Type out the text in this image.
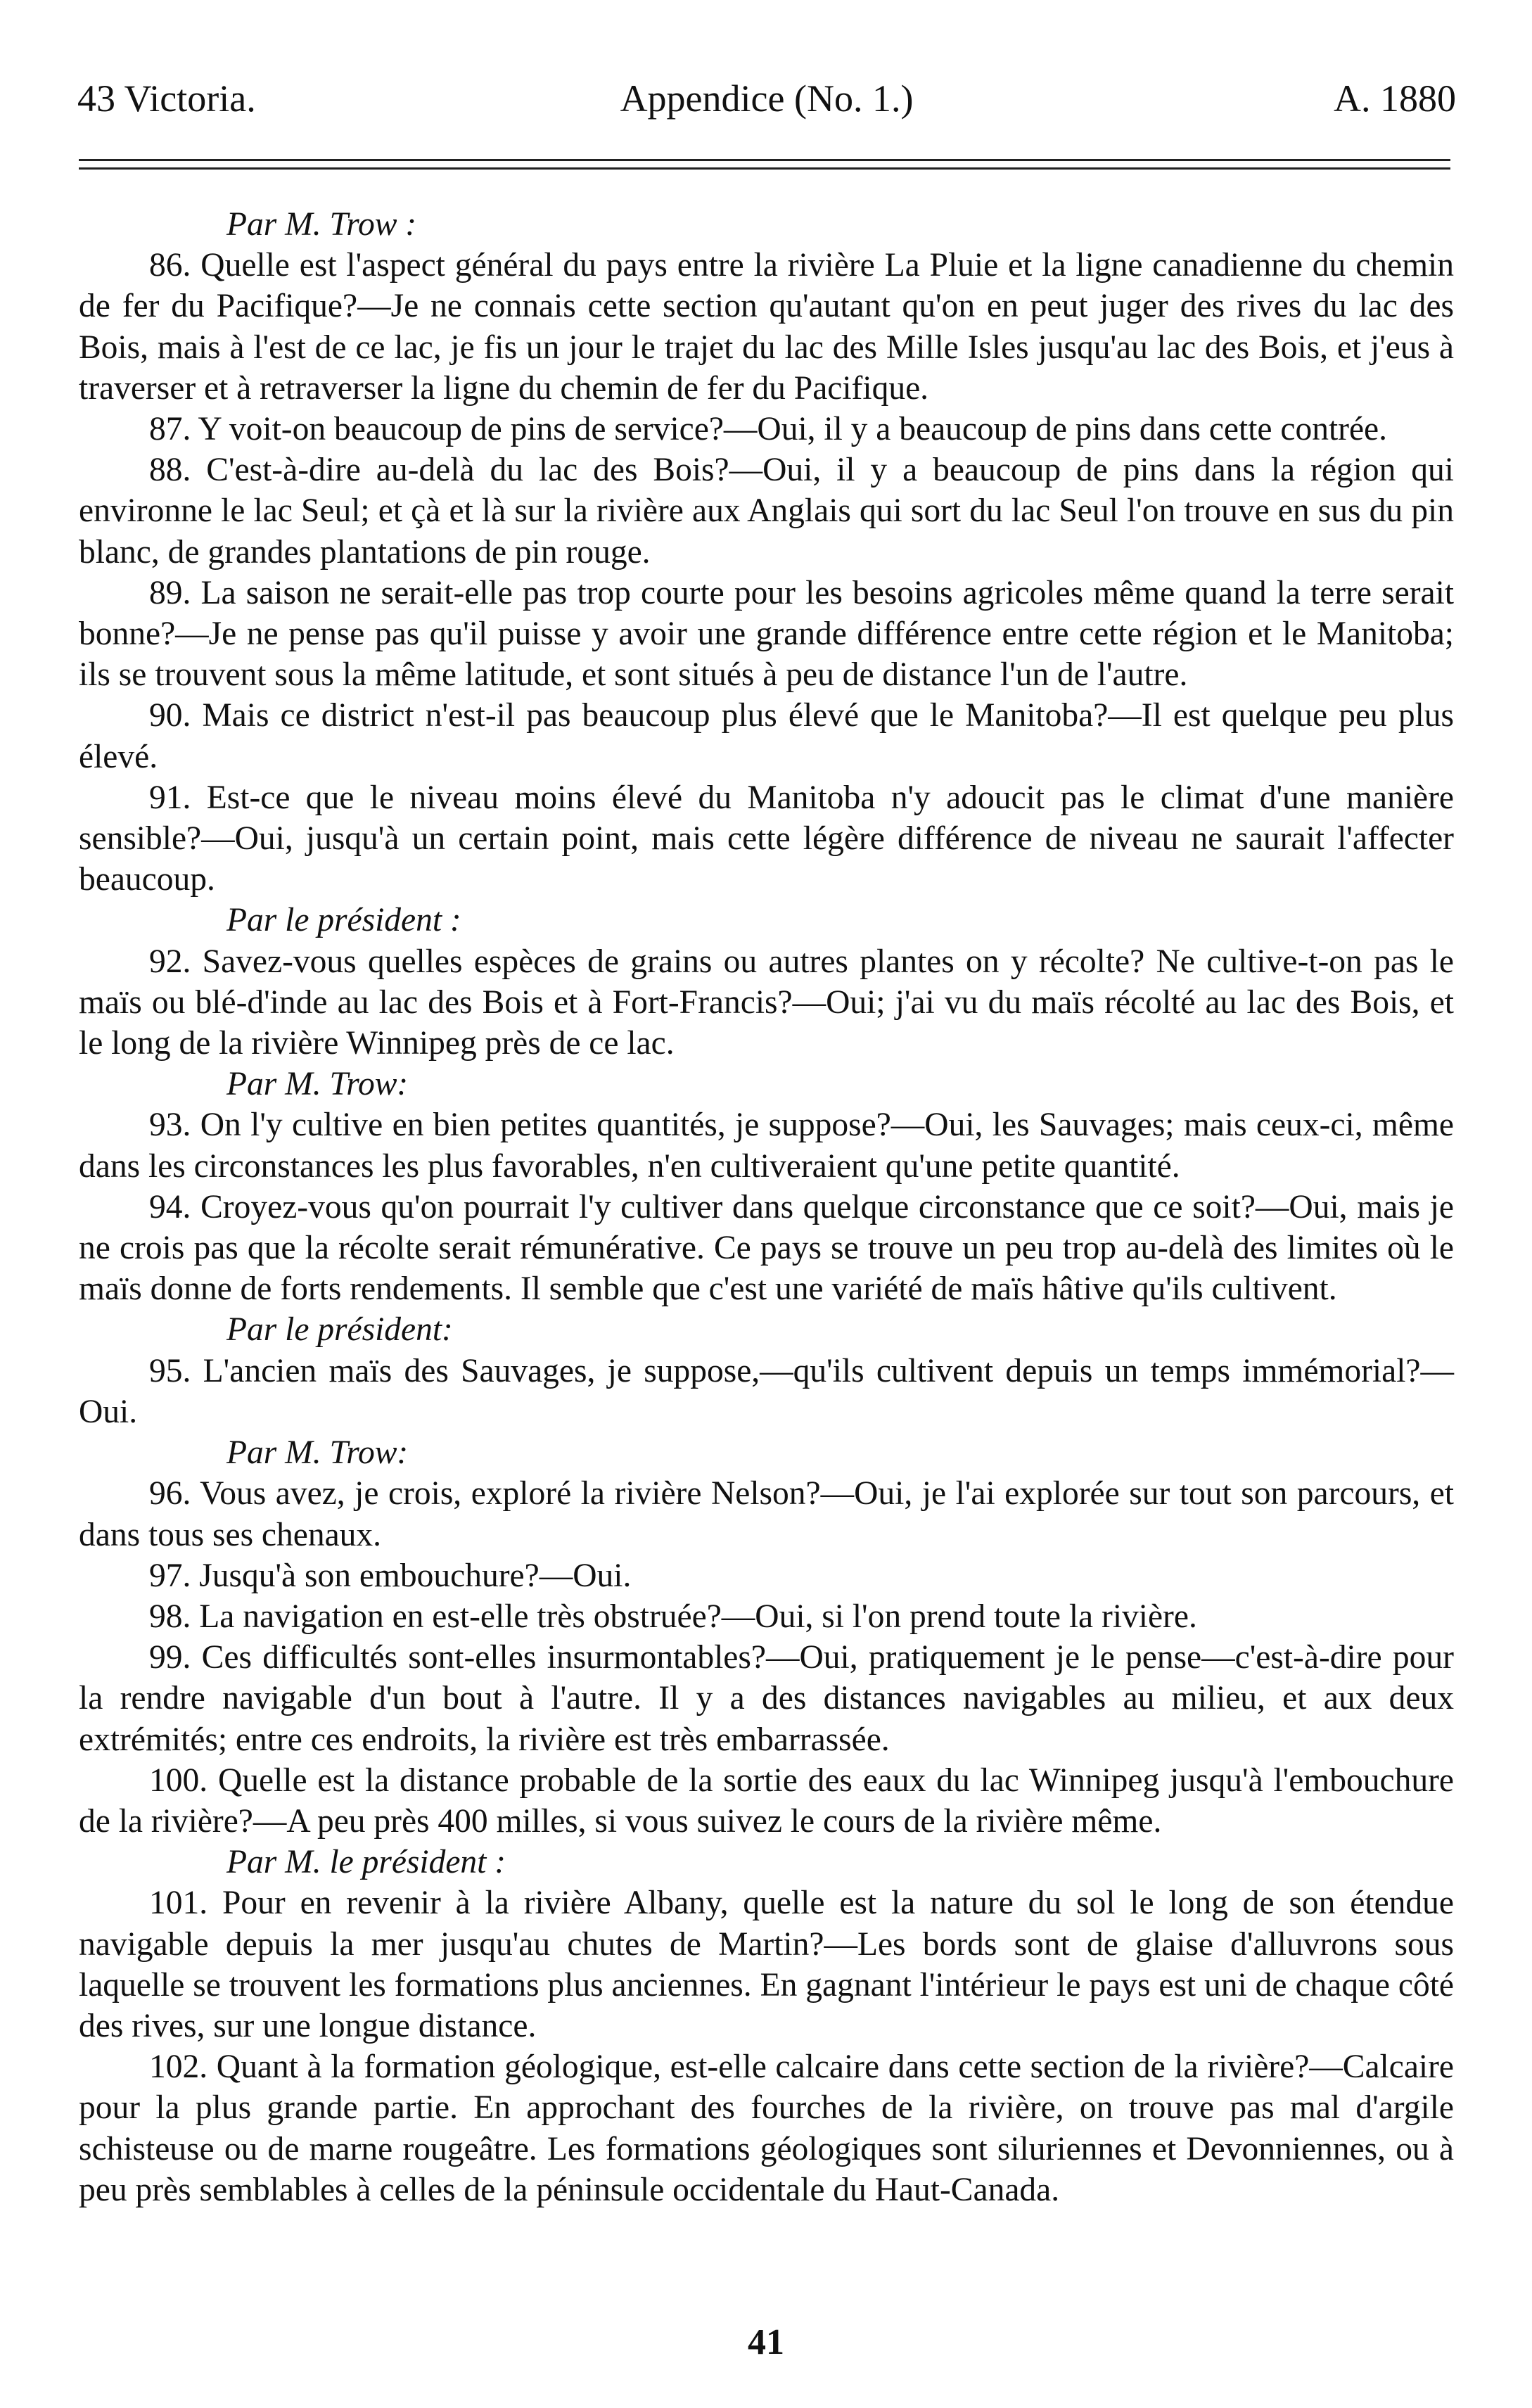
43 Victoria.	Appendice (No. 1.)	A. 1880

Par M. Trow :

86. Quelle est l'aspect général du pays entre la rivière La Pluie et la ligne canadienne du chemin de fer du Pacifique?—Je ne connais cette section qu'autant qu'on en peut juger des rives du lac des Bois, mais à l'est de ce lac, je fis un jour le trajet du lac des Mille Isles jusqu'au lac des Bois, et j'eus à traverser et à retraverser la ligne du chemin de fer du Pacifique.

87. Y voit-on beaucoup de pins de service?—Oui, il y a beaucoup de pins dans cette contrée.

88. C'est-à-dire au-delà du lac des Bois?—Oui, il y a beaucoup de pins dans la région qui environne le lac Seul; et çà et là sur la rivière aux Anglais qui sort du lac Seul l'on trouve en sus du pin blanc, de grandes plantations de pin rouge.

89. La saison ne serait-elle pas trop courte pour les besoins agricoles même quand la terre serait bonne?—Je ne pense pas qu'il puisse y avoir une grande différence entre cette région et le Manitoba; ils se trouvent sous la même latitude, et sont situés à peu de distance l'un de l'autre.

90. Mais ce district n'est-il pas beaucoup plus élevé que le Manitoba?—Il est quelque peu plus élevé.

91. Est-ce que le niveau moins élevé du Manitoba n'y adoucit pas le climat d'une manière sensible?—Oui, jusqu'à un certain point, mais cette légère différence de niveau ne saurait l'affecter beaucoup.

Par le président :

92. Savez-vous quelles espèces de grains ou autres plantes on y récolte? Ne cultive-t-on pas le maïs ou blé-d'inde au lac des Bois et à Fort-Francis?—Oui; j'ai vu du maïs récolté au lac des Bois, et le long de la rivière Winnipeg près de ce lac.

Par M. Trow:

93. On l'y cultive en bien petites quantités, je suppose?—Oui, les Sauvages; mais ceux-ci, même dans les circonstances les plus favorables, n'en cultiveraient qu'une petite quantité.

94. Croyez-vous qu'on pourrait l'y cultiver dans quelque circonstance que ce soit?—Oui, mais je ne crois pas que la récolte serait rémunérative. Ce pays se trouve un peu trop au-delà des limites où le maïs donne de forts rendements. Il semble que c'est une variété de maïs hâtive qu'ils cultivent.

Par le président:

95. L'ancien maïs des Sauvages, je suppose,—qu'ils cultivent depuis un temps immémorial?—Oui.

Par M. Trow:

96. Vous avez, je crois, exploré la rivière Nelson?—Oui, je l'ai explorée sur tout son parcours, et dans tous ses chenaux.

97. Jusqu'à son embouchure?—Oui.

98. La navigation en est-elle très obstruée?—Oui, si l'on prend toute la rivière.

99. Ces difficultés sont-elles insurmontables?—Oui, pratiquement je le pense—c'est-à-dire pour la rendre navigable d'un bout à l'autre. Il y a des distances navigables au milieu, et aux deux extrémités; entre ces endroits, la rivière est très embarrassée.

100. Quelle est la distance probable de la sortie des eaux du lac Winnipeg jusqu'à l'embouchure de la rivière?—A peu près 400 milles, si vous suivez le cours de la rivière même.

Par M. le président :

101. Pour en revenir à la rivière Albany, quelle est la nature du sol le long de son étendue navigable depuis la mer jusqu'au chutes de Martin?—Les bords sont de glaise d'alluvrons sous laquelle se trouvent les formations plus anciennes. En gagnant l'intérieur le pays est uni de chaque côté des rives, sur une longue distance.

102. Quant à la formation géologique, est-elle calcaire dans cette section de la rivière?—Calcaire pour la plus grande partie. En approchant des fourches de la rivière, on trouve pas mal d'argile schisteuse ou de marne rougeâtre. Les formations géologiques sont siluriennes et Devonniennes, ou à peu près semblables à celles de la péninsule occidentale du Haut-Canada.

41
